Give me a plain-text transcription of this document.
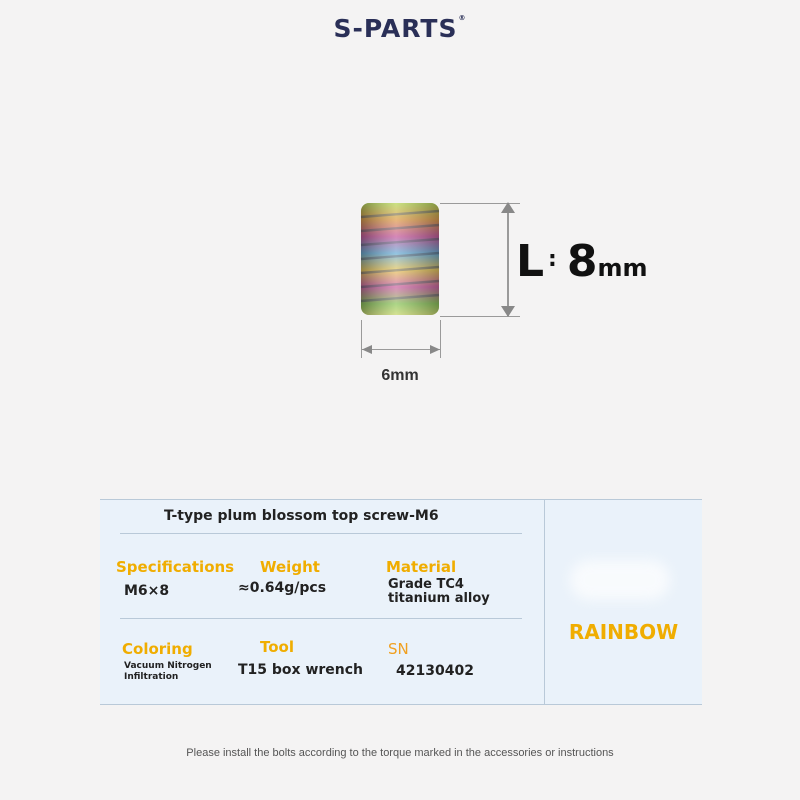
S-PARTS®
L : 8mm
6mm
T-type plum blossom top screw-M6
Specifications
M6×8
Weight
≈0.64g/pcs
Material
Grade TC4 titanium alloy
Coloring
Vacuum Nitrogen Infiltration
Tool
T15 box wrench
SN
42130402
RAINBOW
Please install the bolts according to the torque marked in the accessories or instructions
